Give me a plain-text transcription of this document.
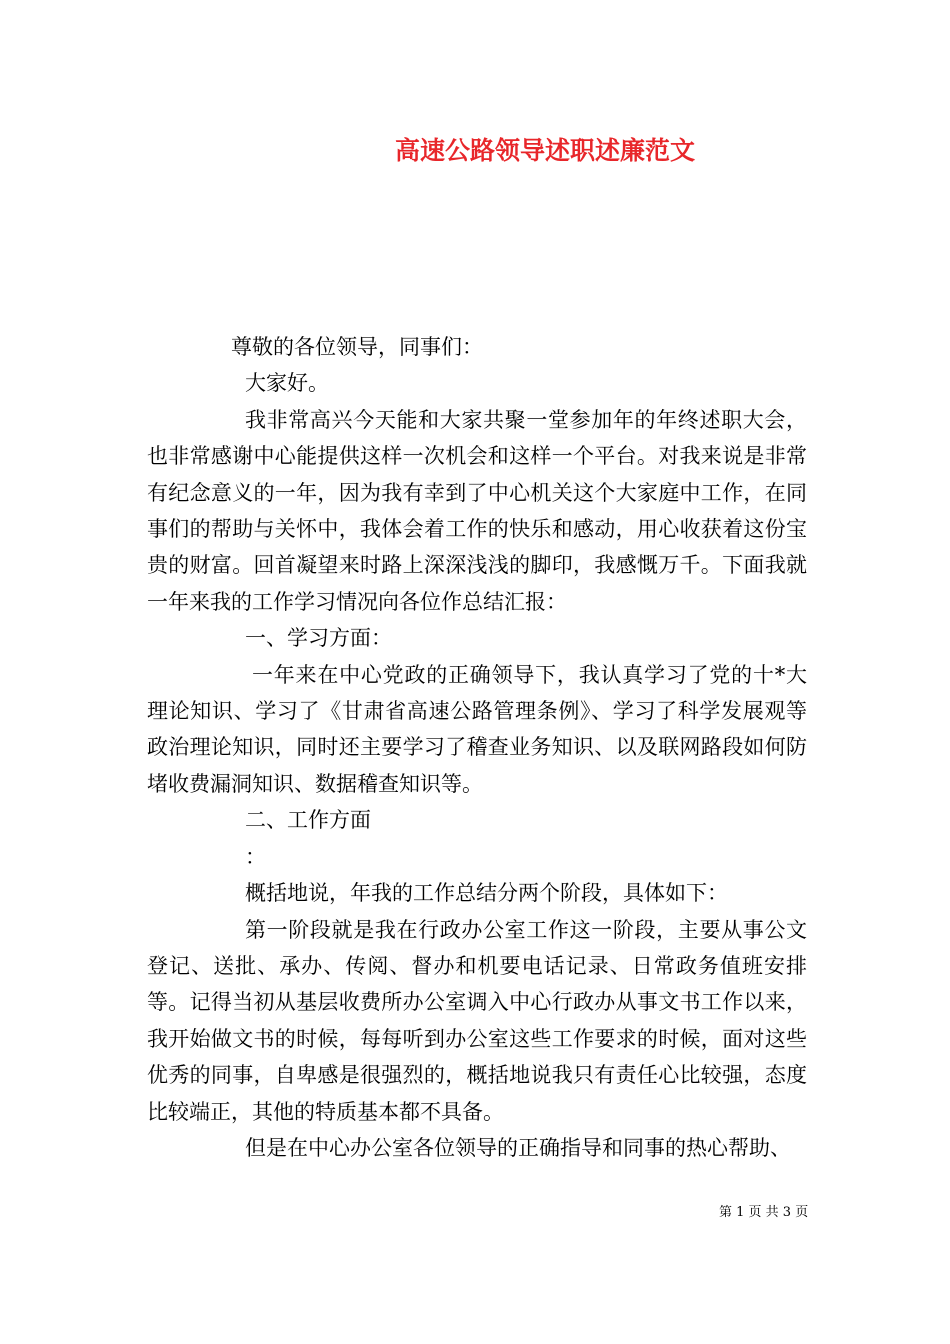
高速公路领导述职述廉范文

尊敬的各位领导，同事们：

大家好。

我非常高兴今天能和大家共聚一堂参加年的年终述职大会，也非常感谢中心能提供这样一次机会和这样一个平台。对我来说是非常有纪念意义的一年，因为我有幸到了中心机关这个大家庭中工作，在同事们的帮助与关怀中，我体会着工作的快乐和感动，用心收获着这份宝贵的财富。回首凝望来时路上深深浅浅的脚印，我感慨万千。下面我就一年来我的工作学习情况向各位作总结汇报：

一、学习方面：

一年来在中心党政的正确领导下，我认真学习了党的十*大理论知识、学习了《甘肃省高速公路管理条例》、学习了科学发展观等政治理论知识，同时还主要学习了稽查业务知识、以及联网路段如何防堵收费漏洞知识、数据稽查知识等。

二、工作方面

：

概括地说，年我的工作总结分两个阶段，具体如下：

第一阶段就是我在行政办公室工作这一阶段，主要从事公文登记、送批、承办、传阅、督办和机要电话记录、日常政务值班安排等。记得当初从基层收费所办公室调入中心行政办从事文书工作以来，我开始做文书的时候，每每听到办公室这些工作要求的时候，面对这些优秀的同事，自卑感是很强烈的，概括地说我只有责任心比较强，态度比较端正，其他的特质基本都不具备。

但是在中心办公室各位领导的正确指导和同事的热心帮助、

第 1 页 共 3 页
